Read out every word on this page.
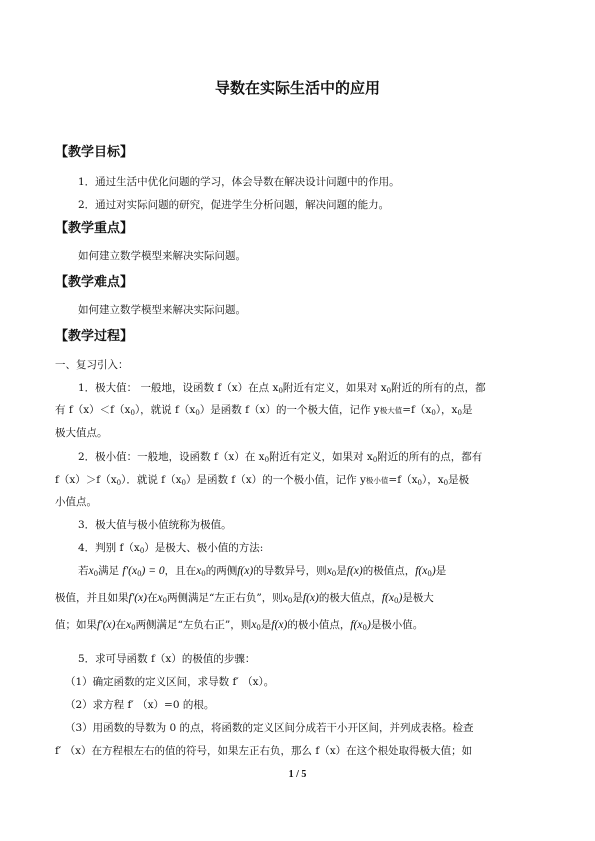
导数在实际生活中的应用
【教学目标】
1．通过生活中优化问题的学习，体会导数在解决设计问题中的作用。
2．通过对实际问题的研究，促进学生分析问题，解决问题的能力。
【教学重点】
如何建立数学模型来解决实际问题。
【教学难点】
如何建立数学模型来解决实际问题。
【教学过程】
一、复习引入：
1．极大值： 一般地，设函数 f（x）在点 $x_0$附近有定义，如果对 $x_0$附近的所有的点，都
有 $f(x)<f(x_0)$，就说 $f(x_0)$是函数 f（x）的一个极大值，记作 y极大值$=f(x_0)$，$x_0$是
极大值点。
2．极小值：一般地，设函数 f（x）在 $x_0$附近有定义，如果对 $x_0$附近的所有的点，都有
$f(x)>f(x_0)$．就说 $f(x_0)$是函数 f（x）的一个极小值，记作 y极小值$=f(x_0)$，$x_0$是极
小值点。
3．极大值与极小值统称为极值。
4．判别 $f(x_0)$是极大、极小值的方法:
若$x_0$满足 $f'(x_0) = 0$，且在$x_0$的两侧f(x)的导数异号，则$x_0$是f(x)的极值点，$f(x_0)$是
极值，并且如果f′(x)在$x_0$两侧满足“左正右负”，则$x_0$是f(x)的极大值点，$f(x_0)$是极大
值；如果f′(x)在$x_0$两侧满足“左负右正”，则$x_0$是f(x)的极小值点，$f(x_0)$是极小值。
5．求可导函数 f（x）的极值的步骤：
（1）确定函数的定义区间，求导数 f′ （x）。
（2）求方程 f′ （x）=0 的根。
（3）用函数的导数为 0 的点，将函数的定义区间分成若干小开区间，并列成表格。检查
f′ （x）在方程根左右的值的符号，如果左正右负，那么 f（x）在这个根处取得极大值；如
1 / 5
